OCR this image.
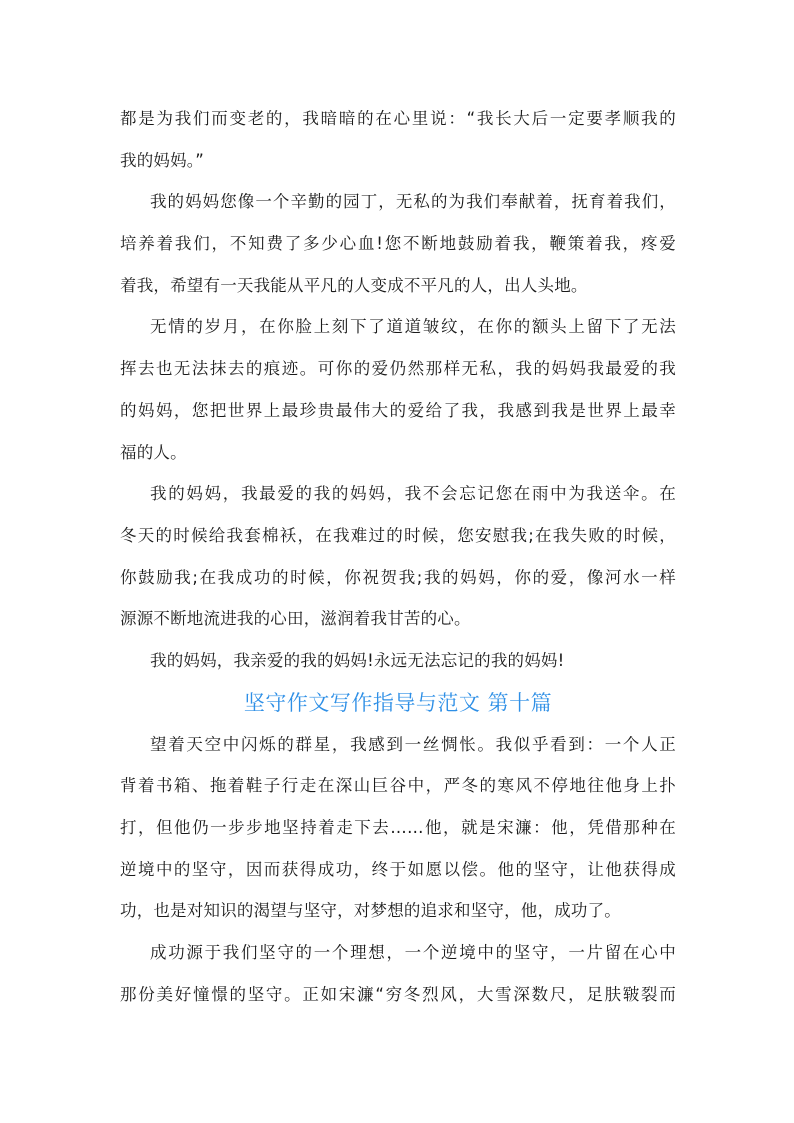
都是为我们而变老的，我暗暗的在心里说：“我长大后一定要孝顺我的
我的妈妈。”
我的妈妈您像一个辛勤的园丁，无私的为我们奉献着，抚育着我们，
培养着我们，不知费了多少心血!您不断地鼓励着我，鞭策着我，疼爱
着我，希望有一天我能从平凡的人变成不平凡的人，出人头地。
无情的岁月，在你脸上刻下了道道皱纹，在你的额头上留下了无法
挥去也无法抹去的痕迹。可你的爱仍然那样无私，我的妈妈我最爱的我
的妈妈，您把世界上最珍贵最伟大的爱给了我，我感到我是世界上最幸
福的人。
我的妈妈，我最爱的我的妈妈，我不会忘记您在雨中为我送伞。在
冬天的时候给我套棉袄，在我难过的时候，您安慰我;在我失败的时候，
你鼓励我;在我成功的时候，你祝贺我;我的妈妈，你的爱，像河水一样
源源不断地流进我的心田，滋润着我甘苦的心。
我的妈妈，我亲爱的我的妈妈!永远无法忘记的我的妈妈!
坚守作文写作指导与范文 第十篇
望着天空中闪烁的群星，我感到一丝惆怅。我似乎看到：一个人正
背着书箱、拖着鞋子行走在深山巨谷中，严冬的寒风不停地往他身上扑
打，但他仍一步步地坚持着走下去……他，就是宋濂：他，凭借那种在
逆境中的坚守，因而获得成功，终于如愿以偿。他的坚守，让他获得成
功，也是对知识的渴望与坚守，对梦想的追求和坚守，他，成功了。
成功源于我们坚守的一个理想，一个逆境中的坚守，一片留在心中
那份美好憧憬的坚守。正如宋濂“穷冬烈风，大雪深数尺，足肤皲裂而
